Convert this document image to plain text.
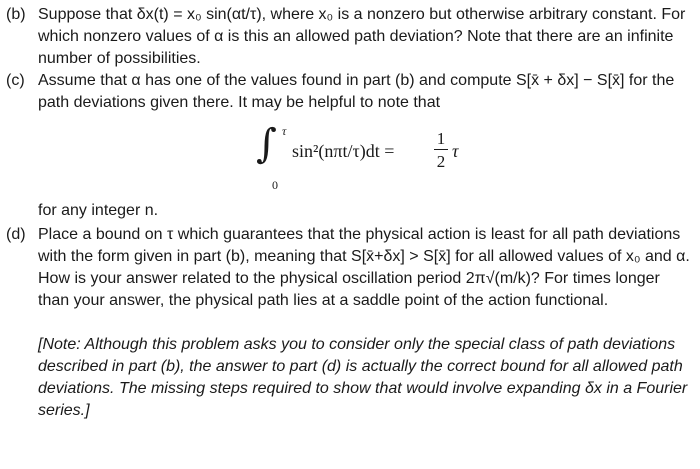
(b) Suppose that δx(t) = x₀ sin(αt/τ), where x₀ is a nonzero but otherwise arbitrary constant. For which nonzero values of α is this an allowed path deviation? Note that there are an infinite number of possibilities.
(c) Assume that α has one of the values found in part (b) and compute S[x̄ + δx] − S[x̄] for the path deviations given there. It may be helpful to note that
∫ τ
0
sin²(nπt/τ)dt =
1
2
τ
for any integer n.
(d) Place a bound on τ which guarantees that the physical action is least for all path deviations with the form given in part (b), meaning that S[x̄+δx] > S[x̄] for all allowed values of x₀ and α. How is your answer related to the physical oscillation period 2π√(m/k)? For times longer than your answer, the physical path lies at a saddle point of the action functional.
[Note: Although this problem asks you to consider only the special class of path deviations described in part (b), the answer to part (d) is actually the correct bound for all allowed path deviations. The missing steps required to show that would involve expanding δx in a Fourier series.]
